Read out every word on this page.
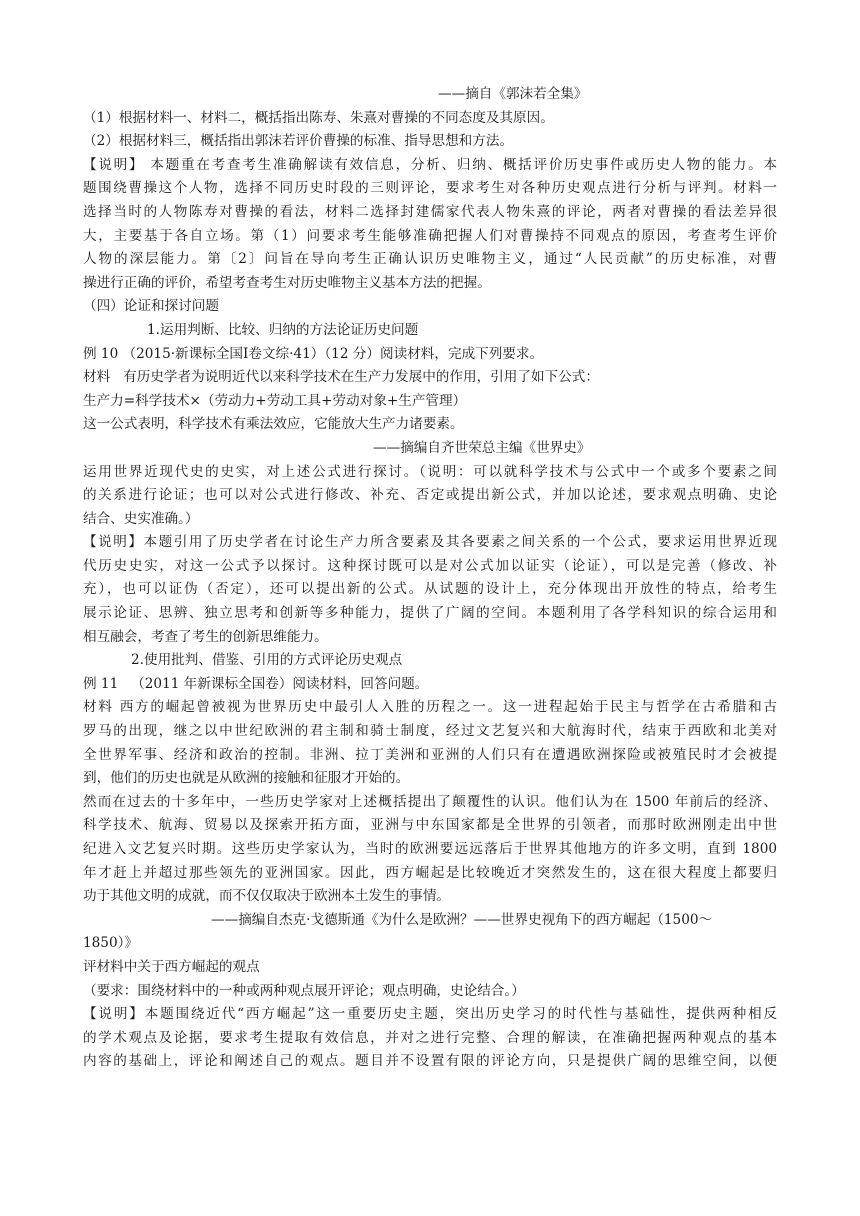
——摘自《郭沫若全集》
（1）根据材料一、材料二，概括指出陈寿、朱熹对曹操的不同态度及其原因。
（2）根据材料三，概括指出郭沫若评价曹操的标准、指导思想和方法。
【说明】 本题重在考查考生准确解读有效信息，分析、归纳、概括评价历史事件或历史人物的能力。本
题围绕曹操这个人物，选择不同历史时段的三则评论，要求考生对各种历史观点进行分析与评判。材料一
选择当时的人物陈寿对曹操的看法，材料二选择封建儒家代表人物朱熹的评论，两者对曹操的看法差异很
大，主要基于各自立场。第（1）问要求考生能够准确把握人们对曹操持不同观点的原因，考查考生评价
人物的深层能力。第〔2〕问旨在导向考生正确认识历史唯物主义，通过“人民贡献”的历史标准，对曹
操进行正确的评价，希望考查考生对历史唯物主义基本方法的把握。
（四）论证和探讨问题
1.运用判断、比较、归纳的方法论证历史问题
例 10 （2015·新课标全国Ⅰ卷文综·41）（12 分）阅读材料，完成下列要求。
材料   有历史学者为说明近代以来科学技术在生产力发展中的作用，引用了如下公式：
生产力=科学技术×（劳动力+劳动工具+劳动对象+生产管理）
这一公式表明，科学技术有乘法效应，它能放大生产力诸要素。
——摘编自齐世荣总主编《世界史》
运用世界近现代史的史实，对上述公式进行探讨。（说明：可以就科学技术与公式中一个或多个要素之间
的关系进行论证；也可以对公式进行修改、补充、否定或提出新公式，并加以论述，要求观点明确、史论
结合、史实准确。）
【说明】本题引用了历史学者在讨论生产力所含要素及其各要素之间关系的一个公式，要求运用世界近现
代历史史实，对这一公式予以探讨。这种探讨既可以是对公式加以证实（论证），可以是完善（修改、补
充），也可以证伪（否定），还可以提出新的公式。从试题的设计上，充分体现出开放性的特点，给考生
展示论证、思辨、独立思考和创新等多种能力，提供了广阔的空间。本题利用了各学科知识的综合运用和
相互融会，考查了考生的创新思维能力。
2.使用批判、借鉴、引用的方式评论历史观点
例 11   （2011 年新课标全国卷）阅读材料，回答问题。
材料 西方的崛起曾被视为世界历史中最引人入胜的历程之一。这一进程起始于民主与哲学在古希腊和古
罗马的出现，继之以中世纪欧洲的君主制和骑士制度，经过文艺复兴和大航海时代，结束于西欧和北美对
全世界军事、经济和政治的控制。非洲、拉丁美洲和亚洲的人们只有在遭遇欧洲探险或被殖民时才会被提
到，他们的历史也就是从欧洲的接触和征服才开始的。
然而在过去的十多年中，一些历史学家对上述概括提出了颠覆性的认识。他们认为在 1500 年前后的经济、
科学技术、航海、贸易以及探索开拓方面，亚洲与中东国家都是全世界的引领者，而那时欧洲刚走出中世
纪进入文艺复兴时期。这些历史学家认为，当时的欧洲要远远落后于世界其他地方的许多文明，直到 1800
年才赶上并超过那些领先的亚洲国家。因此，西方崛起是比较晚近才突然发生的，这在很大程度上都要归
功于其他文明的成就，而不仅仅取决于欧洲本土发生的事情。
——摘编自杰克·戈德斯通《为什么是欧洲？——世界史视角下的西方崛起（1500～
1850）》
评材料中关于西方崛起的观点
（要求：围绕材料中的一种或两种观点展开评论；观点明确，史论结合。）
【说明】本题围绕近代“西方崛起”这一重要历史主题，突出历史学习的时代性与基础性，提供两种相反
的学术观点及论据，要求考生提取有效信息，并对之进行完整、合理的解读，在准确把握两种观点的基本
内容的基础上，评论和阐述自己的观点。题目并不设置有限的评论方向，只是提供广阔的思维空间，以便
